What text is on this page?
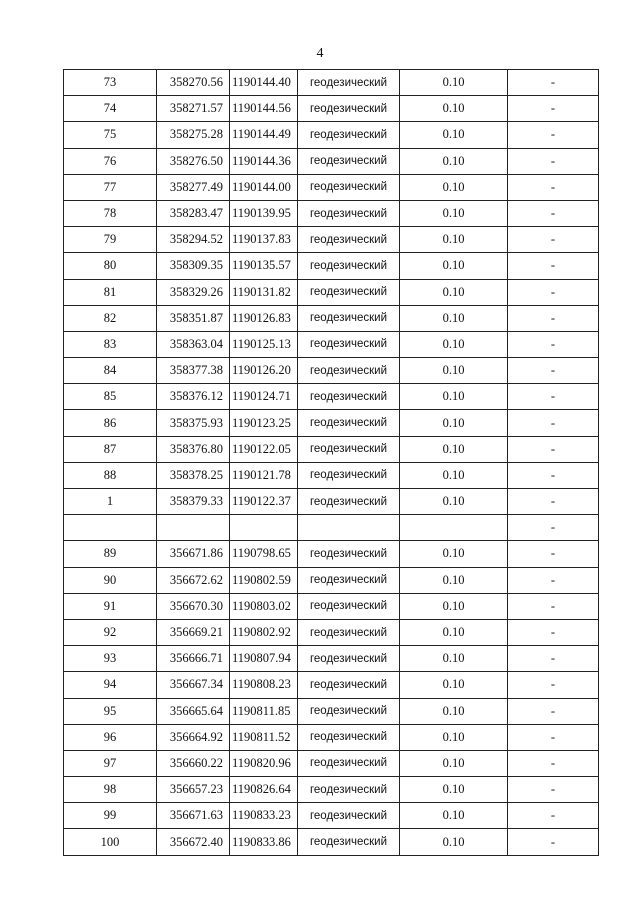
4
73	358270.56	1190144.40	геодезический	0.10	-
74	358271.57	1190144.56	геодезический	0.10	-
75	358275.28	1190144.49	геодезический	0.10	-
76	358276.50	1190144.36	геодезический	0.10	-
77	358277.49	1190144.00	геодезический	0.10	-
78	358283.47	1190139.95	геодезический	0.10	-
79	358294.52	1190137.83	геодезический	0.10	-
80	358309.35	1190135.57	геодезический	0.10	-
81	358329.26	1190131.82	геодезический	0.10	-
82	358351.87	1190126.83	геодезический	0.10	-
83	358363.04	1190125.13	геодезический	0.10	-
84	358377.38	1190126.20	геодезический	0.10	-
85	358376.12	1190124.71	геодезический	0.10	-
86	358375.93	1190123.25	геодезический	0.10	-
87	358376.80	1190122.05	геодезический	0.10	-
88	358378.25	1190121.78	геодезический	0.10	-
1	358379.33	1190122.37	геодезический	0.10	-
					-
89	356671.86	1190798.65	геодезический	0.10	-
90	356672.62	1190802.59	геодезический	0.10	-
91	356670.30	1190803.02	геодезический	0.10	-
92	356669.21	1190802.92	геодезический	0.10	-
93	356666.71	1190807.94	геодезический	0.10	-
94	356667.34	1190808.23	геодезический	0.10	-
95	356665.64	1190811.85	геодезический	0.10	-
96	356664.92	1190811.52	геодезический	0.10	-
97	356660.22	1190820.96	геодезический	0.10	-
98	356657.23	1190826.64	геодезический	0.10	-
99	356671.63	1190833.23	геодезический	0.10	-
100	356672.40	1190833.86	геодезический	0.10	-
